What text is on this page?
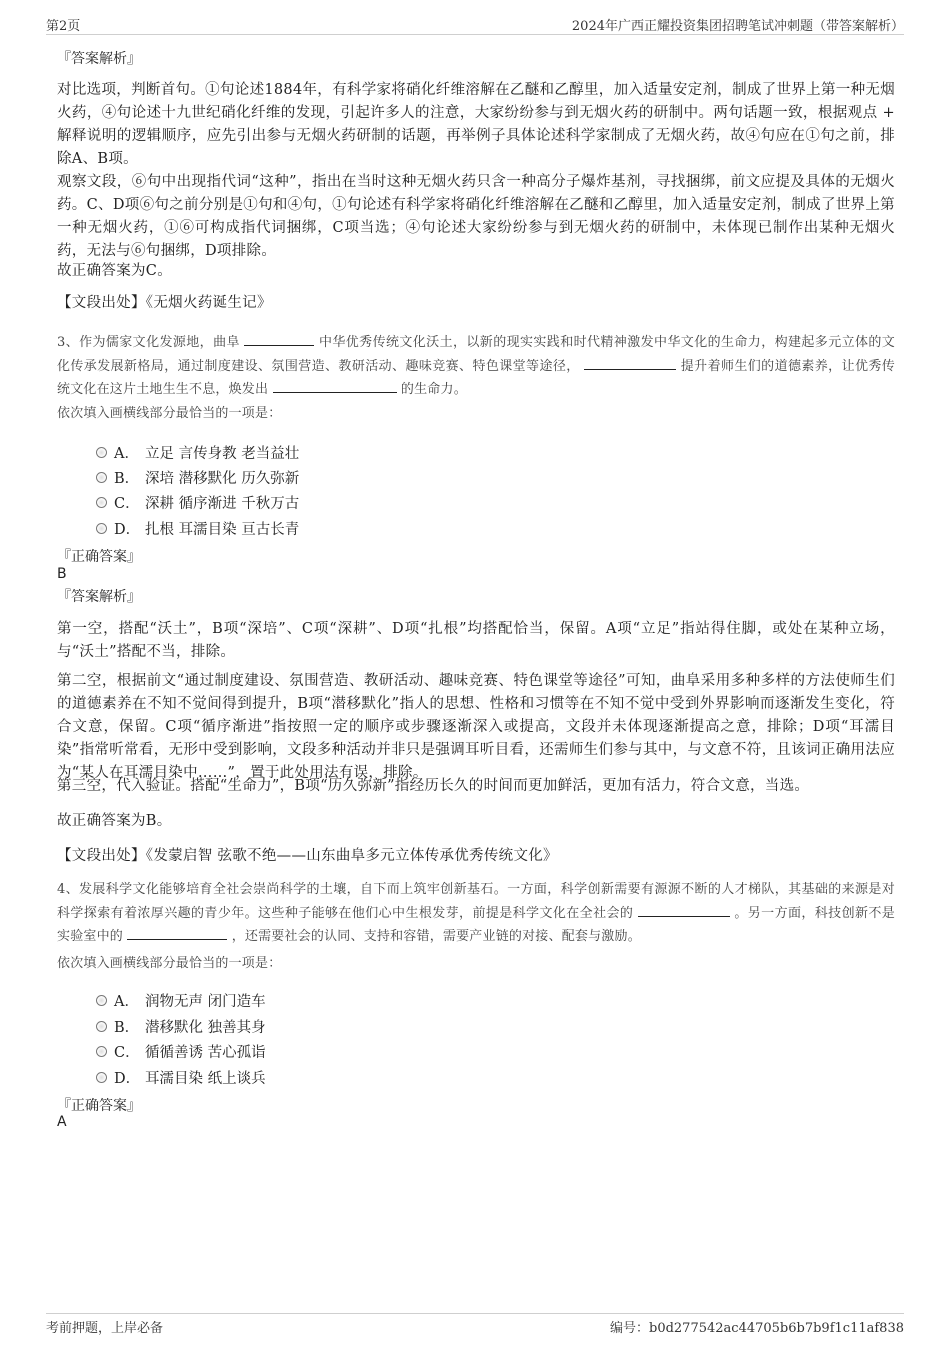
第2页	2024年广西正耀投资集团招聘笔试冲刺题（带答案解析）
『答案解析』
对比选项，判断首句。①句论述1884年，有科学家将硝化纤维溶解在乙醚和乙醇里，加入适量安定剂，制成了世界上第一种无烟火药，④句论述十九世纪硝化纤维的发现，引起许多人的注意，大家纷纷参与到无烟火药的研制中。两句话题一致，根据观点 + 解释说明的逻辑顺序，应先引出参与无烟火药研制的话题，再举例子具体论述科学家制成了无烟火药，故④句应在①句之前，排除A、B项。
观察文段，⑥句中出现指代词“这种”，指出在当时这种无烟火药只含一种高分子爆炸基剂，寻找捆绑，前文应提及具体的无烟火药。C、D项⑥句之前分别是①句和④句，①句论述有科学家将硝化纤维溶解在乙醚和乙醇里，加入适量安定剂，制成了世界上第一种无烟火药，①⑥可构成指代词捆绑，C项当选；④句论述大家纷纷参与到无烟火药的研制中，未体现已制作出某种无烟火药，无法与⑥句捆绑，D项排除。
故正确答案为C。
【文段出处】《无烟火药诞生记》
3、作为儒家文化发源地，曲阜	中华优秀传统文化沃土，以新的现实实践和时代精神激发中华文化的生命力，构建起多元立体的文化传承发展新格局，通过制度建设、氛围营造、教研活动、趣味竞赛、特色课堂等途径，	提升着师生们的道德素养，让优秀传统文化在这片土地生生不息，焕发出	的生命力。
依次填入画横线部分最恰当的一项是：
A． 立足 言传身教 老当益壮
B． 深培 潜移默化 历久弥新
C． 深耕 循序渐进 千秋万古
D． 扎根 耳濡目染 亘古长青
『正确答案』
B
『答案解析』
第一空，搭配“沃土”，B项“深培”、C项“深耕”、D项“扎根”均搭配恰当，保留。A项“立足”指站得住脚，或处在某种立场，与“沃土”搭配不当，排除。
第二空，根据前文“通过制度建设、氛围营造、教研活动、趣味竞赛、特色课堂等途径”可知，曲阜采用多种多样的方法使师生们的道德素养在不知不觉间得到提升，B项“潜移默化”指人的思想、性格和习惯等在不知不觉中受到外界影响而逐渐发生变化，符合文意，保留。C项“循序渐进”指按照一定的顺序或步骤逐渐深入或提高，文段并未体现逐渐提高之意，排除；D项“耳濡目染”指常听常看，无形中受到影响，文段多种活动并非只是强调耳听目看，还需师生们参与其中，与文意不符，且该词正确用法应为“某人在耳濡目染中……”，置于此处用法有误，排除。
第三空，代入验证。搭配“生命力”，B项“历久弥新”指经历长久的时间而更加鲜活，更加有活力，符合文意，当选。
故正确答案为B。
【文段出处】《发蒙启智 弦歌不绝——山东曲阜多元立体传承优秀传统文化》
4、发展科学文化能够培育全社会崇尚科学的土壤，自下而上筑牢创新基石。一方面，科学创新需要有源源不断的人才梯队，其基础的来源是对科学探索有着浓厚兴趣的青少年。这些种子能够在他们心中生根发芽，前提是科学文化在全社会的	。另一方面，科技创新不是实验室中的	，还需要社会的认同、支持和容错，需要产业链的对接、配套与激励。
依次填入画横线部分最恰当的一项是：
A． 润物无声 闭门造车
B． 潜移默化 独善其身
C． 循循善诱 苦心孤诣
D． 耳濡目染 纸上谈兵
『正确答案』
A
考前押题，上岸必备	编号：b0d277542ac44705b6b7b9f1c11af838
